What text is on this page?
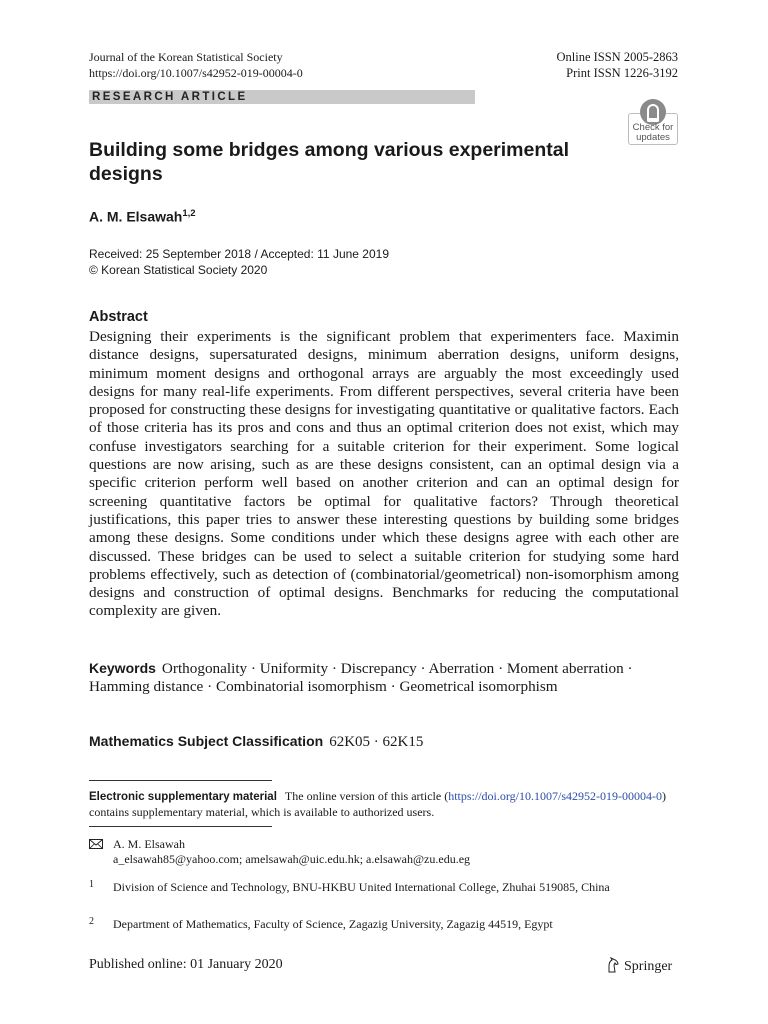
Journal of the Korean Statistical Society
https://doi.org/10.1007/s42952-019-00004-0
Online ISSN 2005-2863
Print ISSN 1226-3192
RESEARCH ARTICLE
Check for updates
Building some bridges among various experimental designs
A. M. Elsawah$^{1,2}$
Received: 25 September 2018 / Accepted: 11 June 2019
© Korean Statistical Society 2020
Abstract
Designing their experiments is the significant problem that experimenters face. Maximin distance designs, supersaturated designs, minimum aberration designs, uniform designs, minimum moment designs and orthogonal arrays are arguably the most exceedingly used designs for many real-life experiments. From different perspectives, several criteria have been proposed for constructing these designs for investigating quantitative or qualitative factors. Each of those criteria has its pros and cons and thus an optimal criterion does not exist, which may confuse investigators searching for a suitable criterion for their experiment. Some logical questions are now arising, such as are these designs consistent, can an optimal design via a specific criterion perform well based on another criterion and can an optimal design for screening quantitative factors be optimal for qualitative factors? Through theoretical justifications, this paper tries to answer these interesting questions by building some bridges among these designs. Some conditions under which these designs agree with each other are discussed. These bridges can be used to select a suitable criterion for studying some hard problems effectively, such as detection of (combinatorial/geometrical) non-isomorphism among designs and construction of optimal designs. Benchmarks for reducing the computational complexity are given.
Keywords Orthogonality · Uniformity · Discrepancy · Aberration · Moment aberration · Hamming distance · Combinatorial isomorphism · Geometrical isomorphism
Mathematics Subject Classification 62K05 · 62K15
Electronic supplementary material The online version of this article (https://doi.org/10.1007/s42952-019-00004-0) contains supplementary material, which is available to authorized users.
A. M. Elsawah
a_elsawah85@yahoo.com; amelsawah@uic.edu.hk; a.elsawah@zu.edu.eg
1 Division of Science and Technology, BNU-HKBU United International College, Zhuhai 519085, China
2 Department of Mathematics, Faculty of Science, Zagazig University, Zagazig 44519, Egypt
Published online: 01 January 2020	Springer
